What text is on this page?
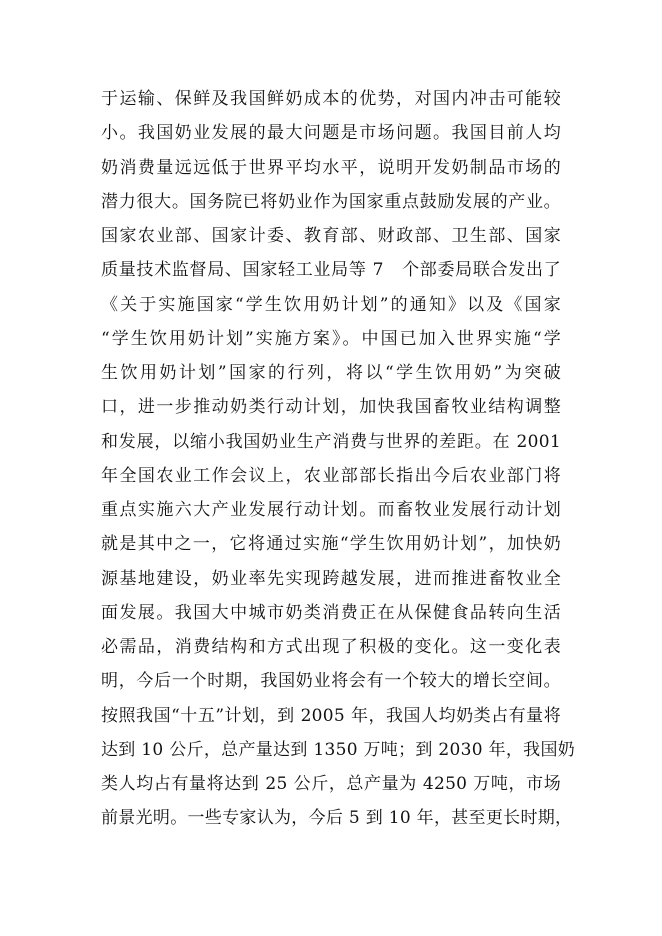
于运输、保鲜及我国鲜奶成本的优势，对国内冲击可能较
小。我国奶业发展的最大问题是市场问题。我国目前人均
奶消费量远远低于世界平均水平，说明开发奶制品市场的
潜力很大。国务院已将奶业作为国家重点鼓励发展的产业。
国家农业部、国家计委、教育部、财政部、卫生部、国家
质量技术监督局、国家轻工业局等 7   个部委局联合发出了
《关于实施国家“学生饮用奶计划”的通知》以及《国家
“学生饮用奶计划”实施方案》。中国已加入世界实施“学
生饮用奶计划”国家的行列，将以“学生饮用奶”为突破
口，进一步推动奶类行动计划，加快我国畜牧业结构调整
和发展，以缩小我国奶业生产消费与世界的差距。在 2001
年全国农业工作会议上，农业部部长指出今后农业部门将
重点实施六大产业发展行动计划。而畜牧业发展行动计划
就是其中之一，它将通过实施“学生饮用奶计划”，加快奶
源基地建设，奶业率先实现跨越发展，进而推进畜牧业全
面发展。我国大中城市奶类消费正在从保健食品转向生活
必需品，消费结构和方式出现了积极的变化。这一变化表
明，今后一个时期，我国奶业将会有一个较大的增长空间。
按照我国“十五”计划，到 2005 年，我国人均奶类占有量将
达到 10 公斤，总产量达到 1350 万吨；到 2030 年，我国奶
类人均占有量将达到 25 公斤，总产量为 4250 万吨，市场
前景光明。一些专家认为，今后 5 到 10 年，甚至更长时期，
